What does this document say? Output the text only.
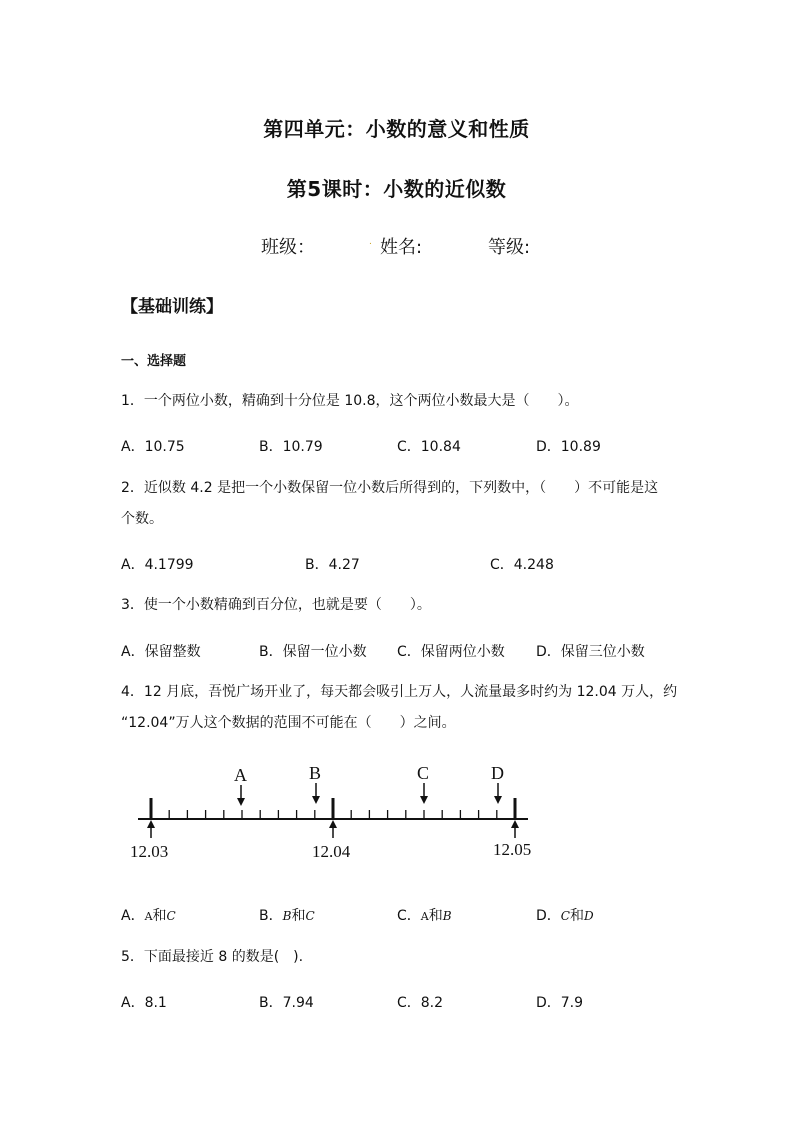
第四单元：小数的意义和性质
第5课时：小数的近似数
班级：	. 姓名:	等级:
【基础训练】
一、选择题
1．一个两位小数，精确到十分位是 10.8，这个两位小数最大是（　　）。
A．10.75	B．10.79	C．10.84	D．10.89
2．近似数 4.2 是把一个小数保留一位小数后所得到的，下列数中，（　　）不可能是这
个数。
A．4.1799	B．4.27	C．4.248
3．使一个小数精确到百分位，也就是要（　　）。
A．保留整数	B．保留一位小数 C．保留两位小数 D．保留三位小数
4．12 月底，吾悦广场开业了，每天都会吸引上万人，人流量最多时约为 12.04 万人，约
“12.04”万人这个数据的范围不可能在（　　）之间。
A	B	C	D
12.03	12.04	12.05
A．A和C	B．B和C	C．A和B	D．C和D
5．下面最接近 8 的数是(　).
A．8.1	B．7.94	C．8.2	D．7.9
